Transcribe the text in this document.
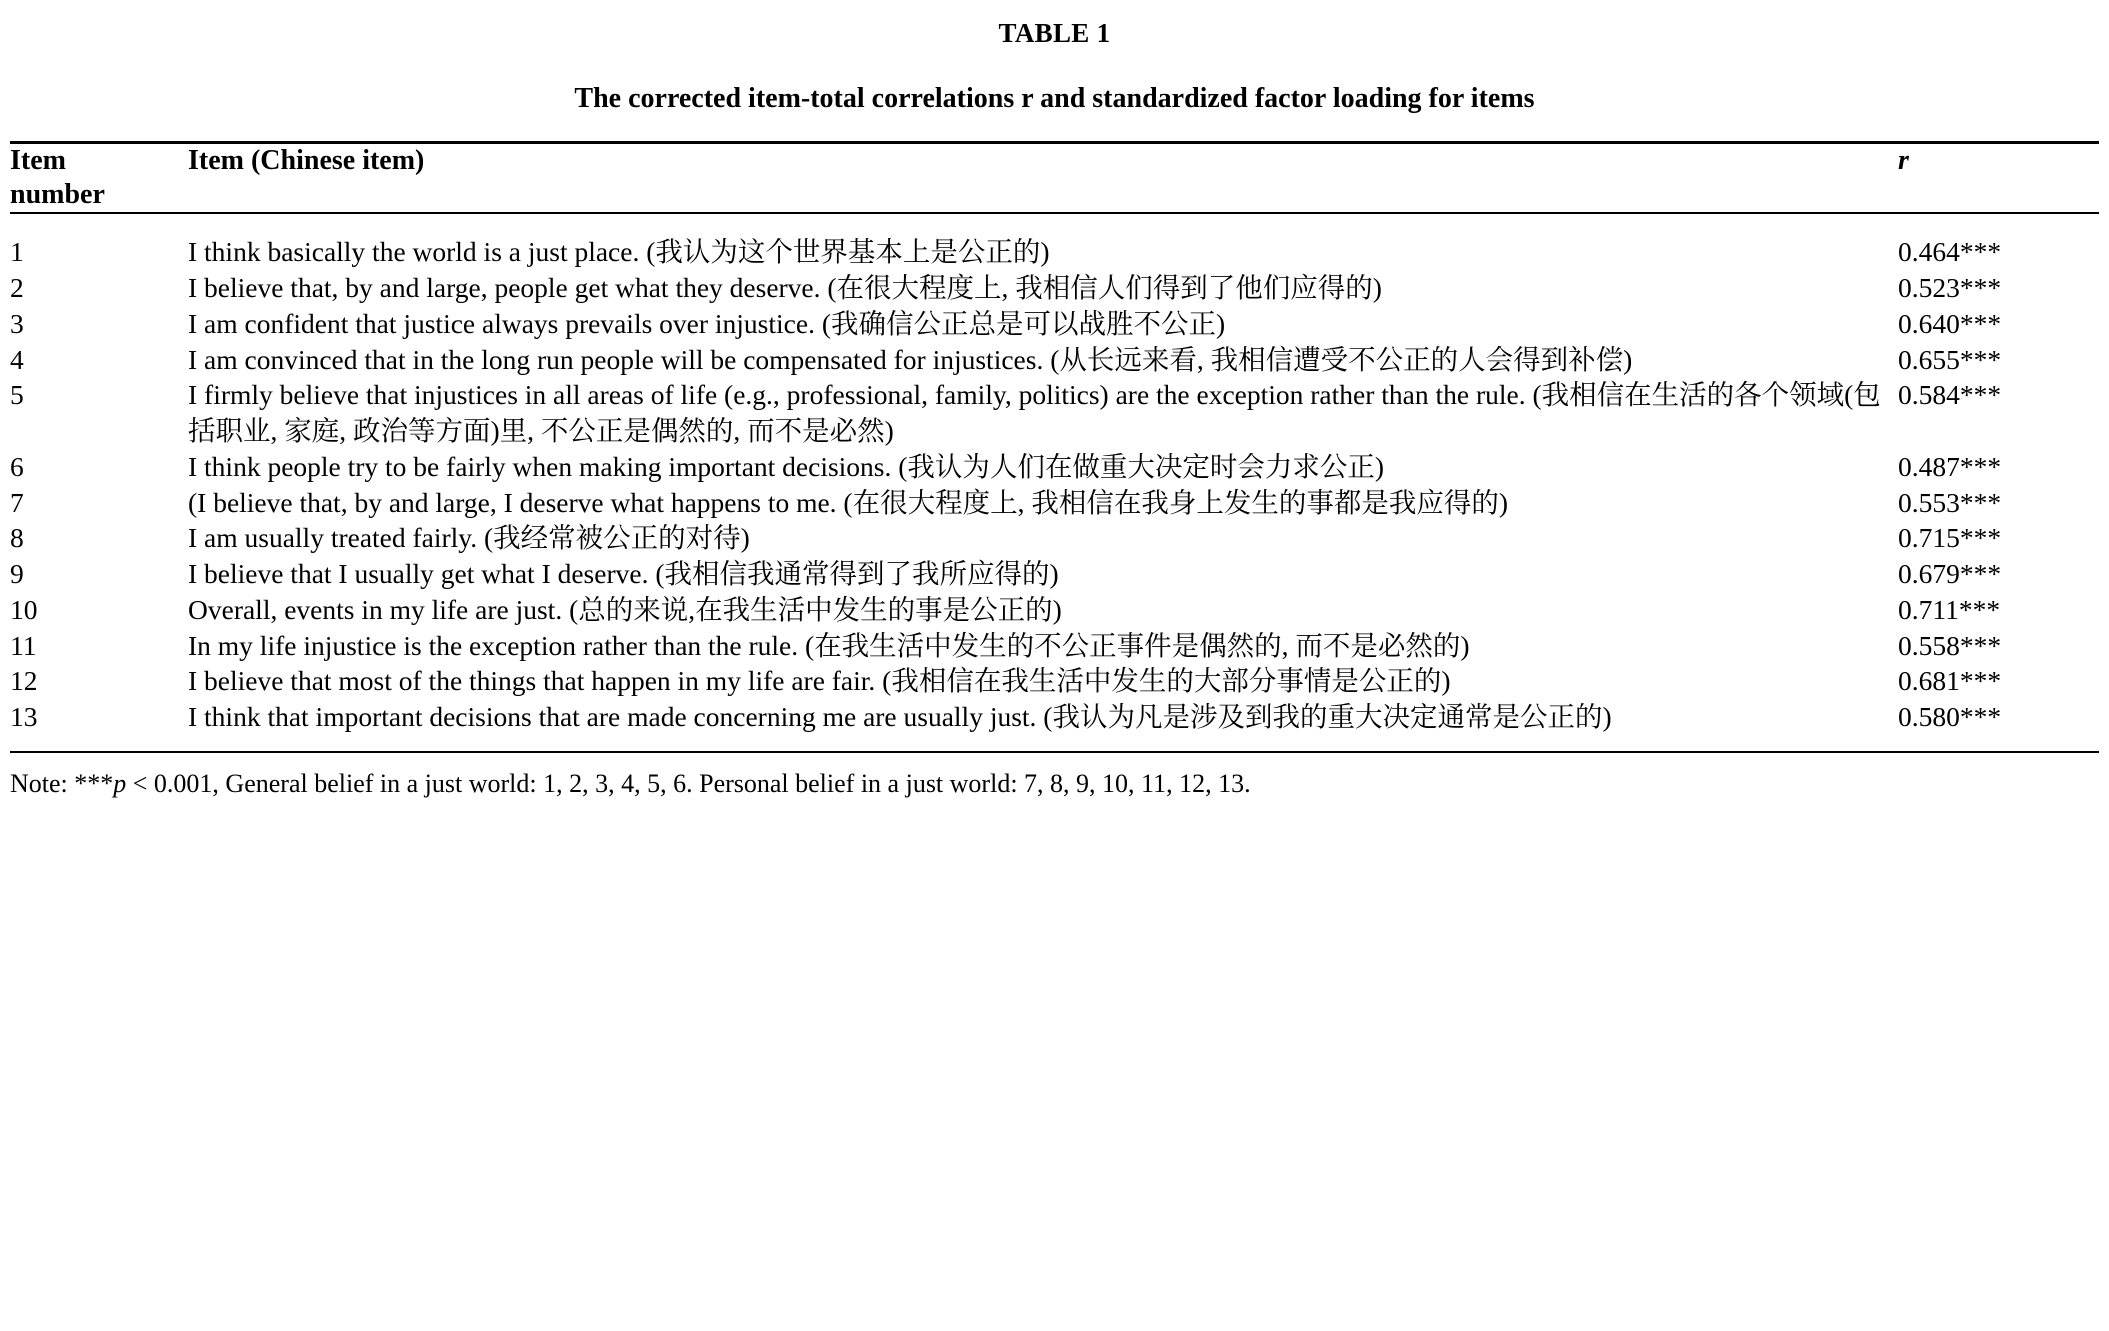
TABLE 1
The corrected item-total correlations r and standardized factor loading for items
Item
number
	Item (Chinese item)	r
1	I think basically the world is a just place. (我认为这个世界基本上是公正的)	0.464***
2	I believe that, by and large, people get what they deserve. (在很大程度上, 我相信人们得到了他们应得的)	0.523***
3	I am confident that justice always prevails over injustice. (我确信公正总是可以战胜不公正)	0.640***
4	I am convinced that in the long run people will be compensated for injustices. (从长远来看, 我相信遭受不公正的人会得到补偿)	0.655***
5	I firmly believe that injustices in all areas of life (e.g., professional, family, politics) are the exception rather than the rule. (我相信在生活的各个领域(包括职业, 家庭, 政治等方面)里, 不公正是偶然的, 而不是必然)	0.584***
6	I think people try to be fairly when making important decisions. (我认为人们在做重大决定时会力求公正)	0.487***
7	(I believe that, by and large, I deserve what happens to me. (在很大程度上, 我相信在我身上发生的事都是我应得的)	0.553***
8	I am usually treated fairly. (我经常被公正的对待)	0.715***
9	I believe that I usually get what I deserve. (我相信我通常得到了我所应得的)	0.679***
10	Overall, events in my life are just. (总的来说,在我生活中发生的事是公正的)	0.711***
11	In my life injustice is the exception rather than the rule. (在我生活中发生的不公正事件是偶然的, 而不是必然的)	0.558***
12	I believe that most of the things that happen in my life are fair. (我相信在我生活中发生的大部分事情是公正的)	0.681***
13	I think that important decisions that are made concerning me are usually just. (我认为凡是涉及到我的重大决定通常是公正的)	0.580***
Note: ***p < 0.001, General belief in a just world: 1, 2, 3, 4, 5, 6. Personal belief in a just world: 7, 8, 9, 10, 11, 12, 13.
